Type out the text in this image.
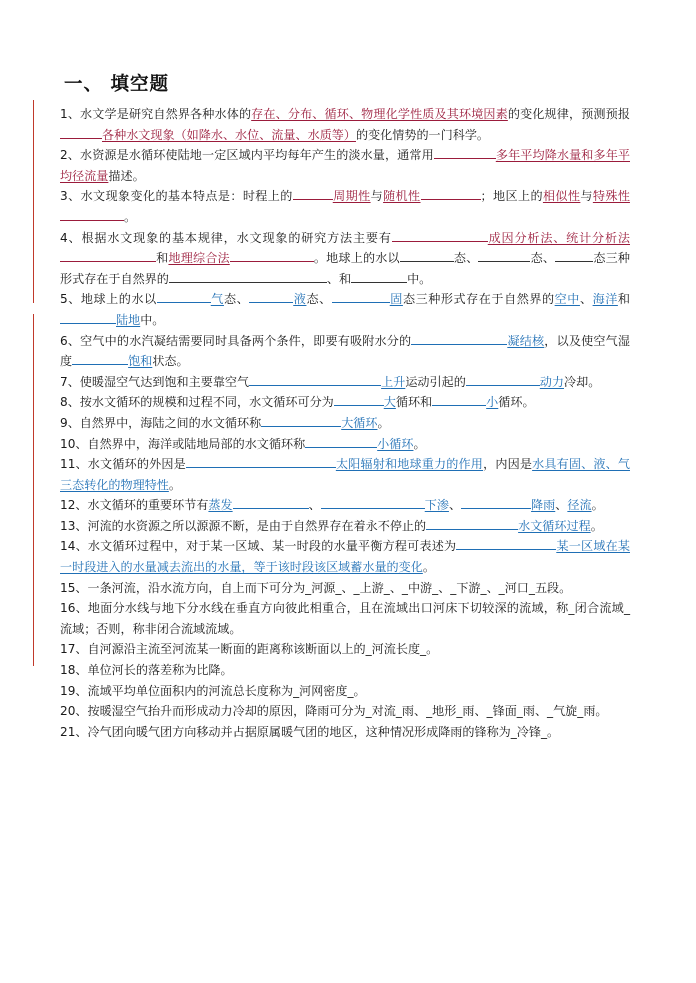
一、 填空题

1、水文学是研究自然界各种水体的存在、分布、循环、物理化学性质及其环境因素的变化规律，预测预报各种水文现象（如降水、水位、流量、水质等）的变化情势的一门科学。

2、水资源是水循环使陆地一定区域内平均每年产生的淡水量，通常用	多年平均降水量和多年平均径流量描述。

3、水文现象变化的基本特点是：时程上的	周期性与随机性	；地区上的相似性与特殊性。

4、根据水文现象的基本规律，水文现象的研究方法主要有	成因分析法、统计分析法和地理综合法	。地球上的水以	态、	态、	态三种形式存在于自然界的	、和	中。

5、地球上的水以	气态、	液态、	固态三种形式存在于自然界的空中、海洋和陆地中。

6、空气中的水汽凝结需要同时具备两个条件，即要有吸附水分的	凝结核，以及使空气湿度	饱和状态。

7、使暖湿空气达到饱和主要靠空气	上升运动引起的	动力冷却。

8、按水文循环的规模和过程不同，水文循环可分为	大循环和	小循环。

9、自然界中，海陆之间的水文循环称	大循环。

10、自然界中，海洋或陆地局部的水文循环称	小循环。

11、水文循环的外因是	太阳辐射和地球重力的作用，内因是水具有固、液、气三态转化的物理特性。

12、水文循环的重要环节有蒸发	、	下渗、	降雨、径流。

13、河流的水资源之所以源源不断，是由于自然界存在着永不停止的	水文循环过程。

14、水文循环过程中，对于某一区域、某一时段的水量平衡方程可表述为	某一区域在某一时段进入的水量减去流出的水量，等于该时段该区域蓄水量的变化。

15、一条河流，沿水流方向，自上而下可分为_河源_、_上游_、_中游_、_下游_、_河口_五段。

16、地面分水线与地下分水线在垂直方向彼此相重合，且在流域出口河床下切较深的流域，称_闭合流域_流域；否则，称非闭合流域流域。

17、自河源沿主流至河流某一断面的距离称该断面以上的_河流长度_。

18、单位河长的落差称为比降。

19、流域平均单位面积内的河流总长度称为_河网密度_。

20、按暖湿空气抬升而形成动力冷却的原因，降雨可分为_对流_雨、_地形_雨、_锋面_雨、_气旋_雨。

21、冷气团向暖气团方向移动并占据原属暖气团的地区，这种情况形成降雨的锋称为_冷锋_。
